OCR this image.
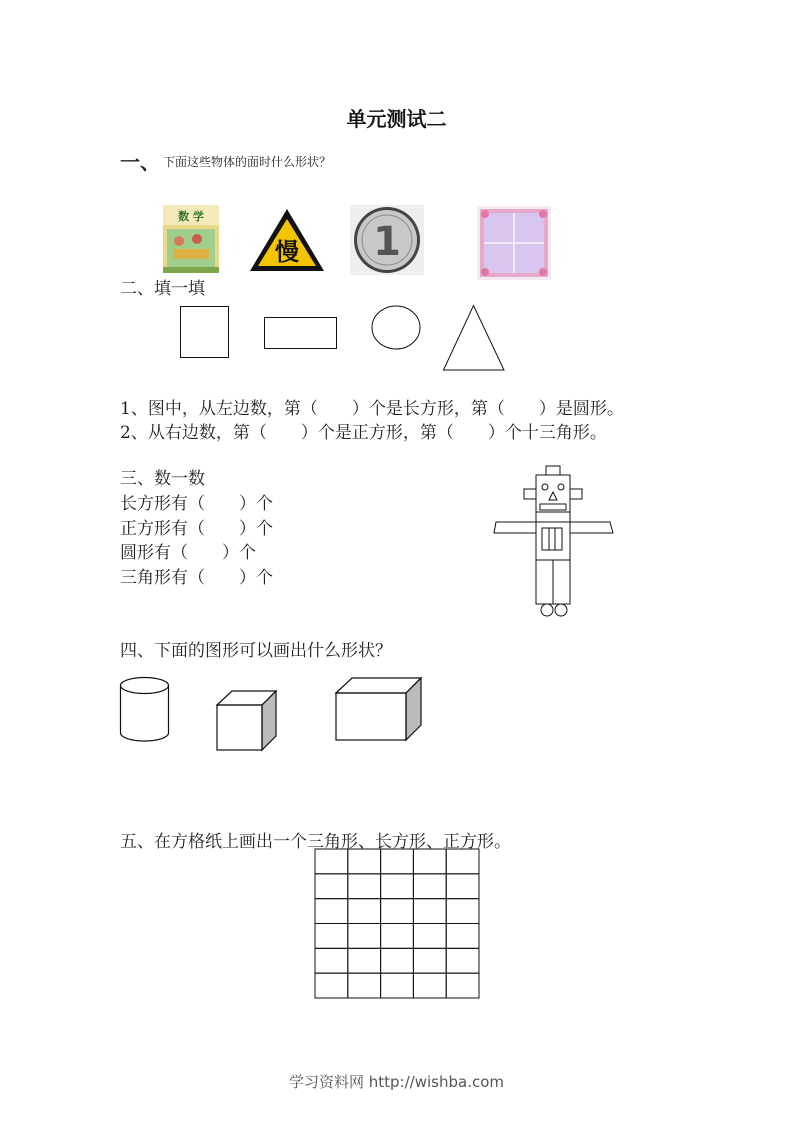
单元测试二
一、 下面这些物体的面时什么形状？
数 学
慢 1
二、填一填
1、图中，从左边数，第（　　）个是长方形，第（　　）是圆形。
2、从右边数，第（　　）个是正方形，第（　　）个十三角形。
三、数一数
长方形有（　　）个
正方形有（　　）个
圆形有（　　）个
三角形有（　　）个
四、下面的图形可以画出什么形状？
五、在方格纸上画出一个三角形、长方形、正方形。
学习资料网 http://wishba.com
